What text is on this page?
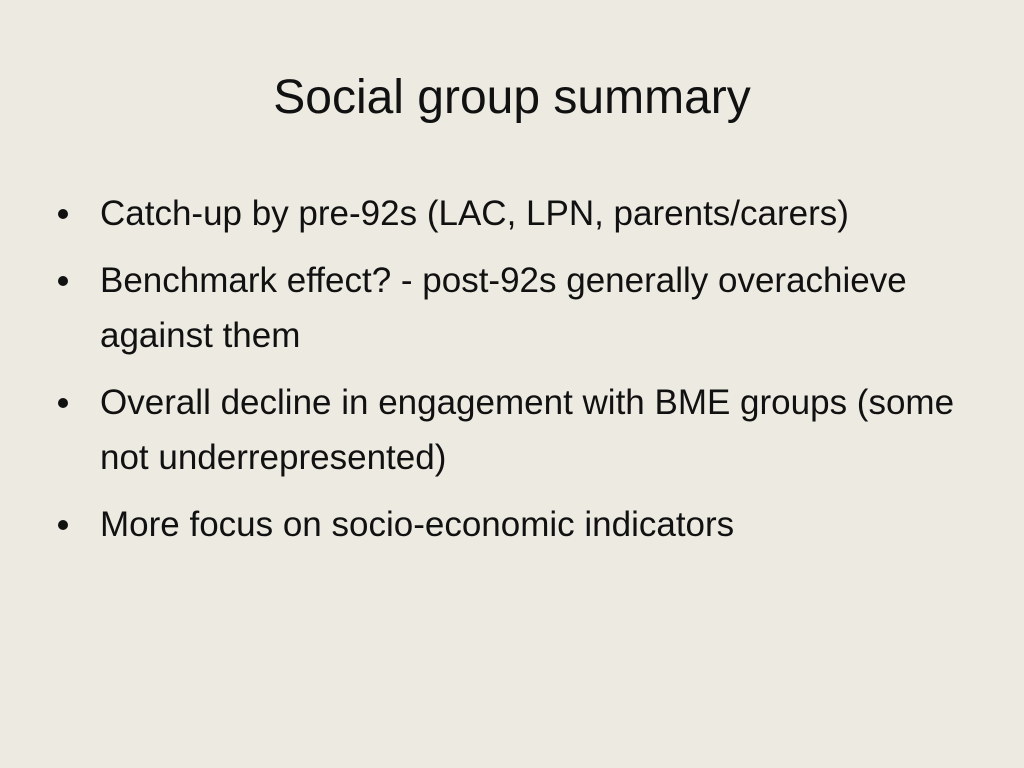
Social group summary
Catch-up by pre-92s (LAC, LPN, parents/carers)
Benchmark effect? - post-92s generally overachieve against them
Overall decline in engagement with BME groups (some not underrepresented)
More focus on socio-economic indicators
